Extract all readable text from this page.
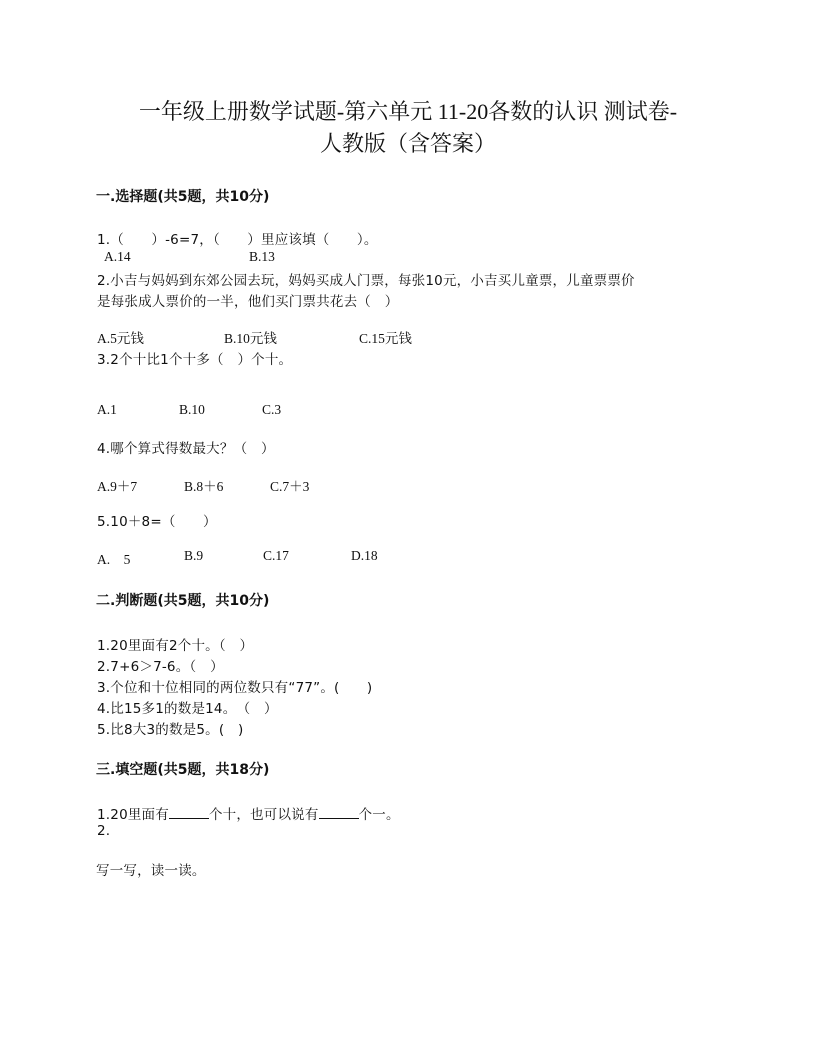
一年级上册数学试题-第六单元 11-20各数的认识 测试卷-
人教版（含答案）
一.选择题(共5题，共10分)
1.（　　）-6=7，（　　）里应该填（　　）。
A.14	B.13
2.小吉与妈妈到东郊公园去玩，妈妈买成人门票，每张10元，小吉买儿童票，儿童票票价
是每张成人票价的一半，他们买门票共花去（　）
A.5元钱	B.10元钱	C.15元钱
3.2个十比1个十多（　）个十。
A.1	B.10	C.3
4.哪个算式得数最大？（　）
A.9＋7	B.8＋6	C.7＋3
5.10＋8=（　　）
A.　5	B.9	C.17	D.18
二.判断题(共5题，共10分)
1.20里面有2个十。（　）
2.7+6＞7-6。（　）
3.个位和十位相同的两位数只有“77”。(　　)
4.比15多1的数是14。　（　）
5.比8大3的数是5。(　)
三.填空题(共5题，共18分)
1.20里面有	个十，也可以说有	个一。
2.
写一写，读一读。
